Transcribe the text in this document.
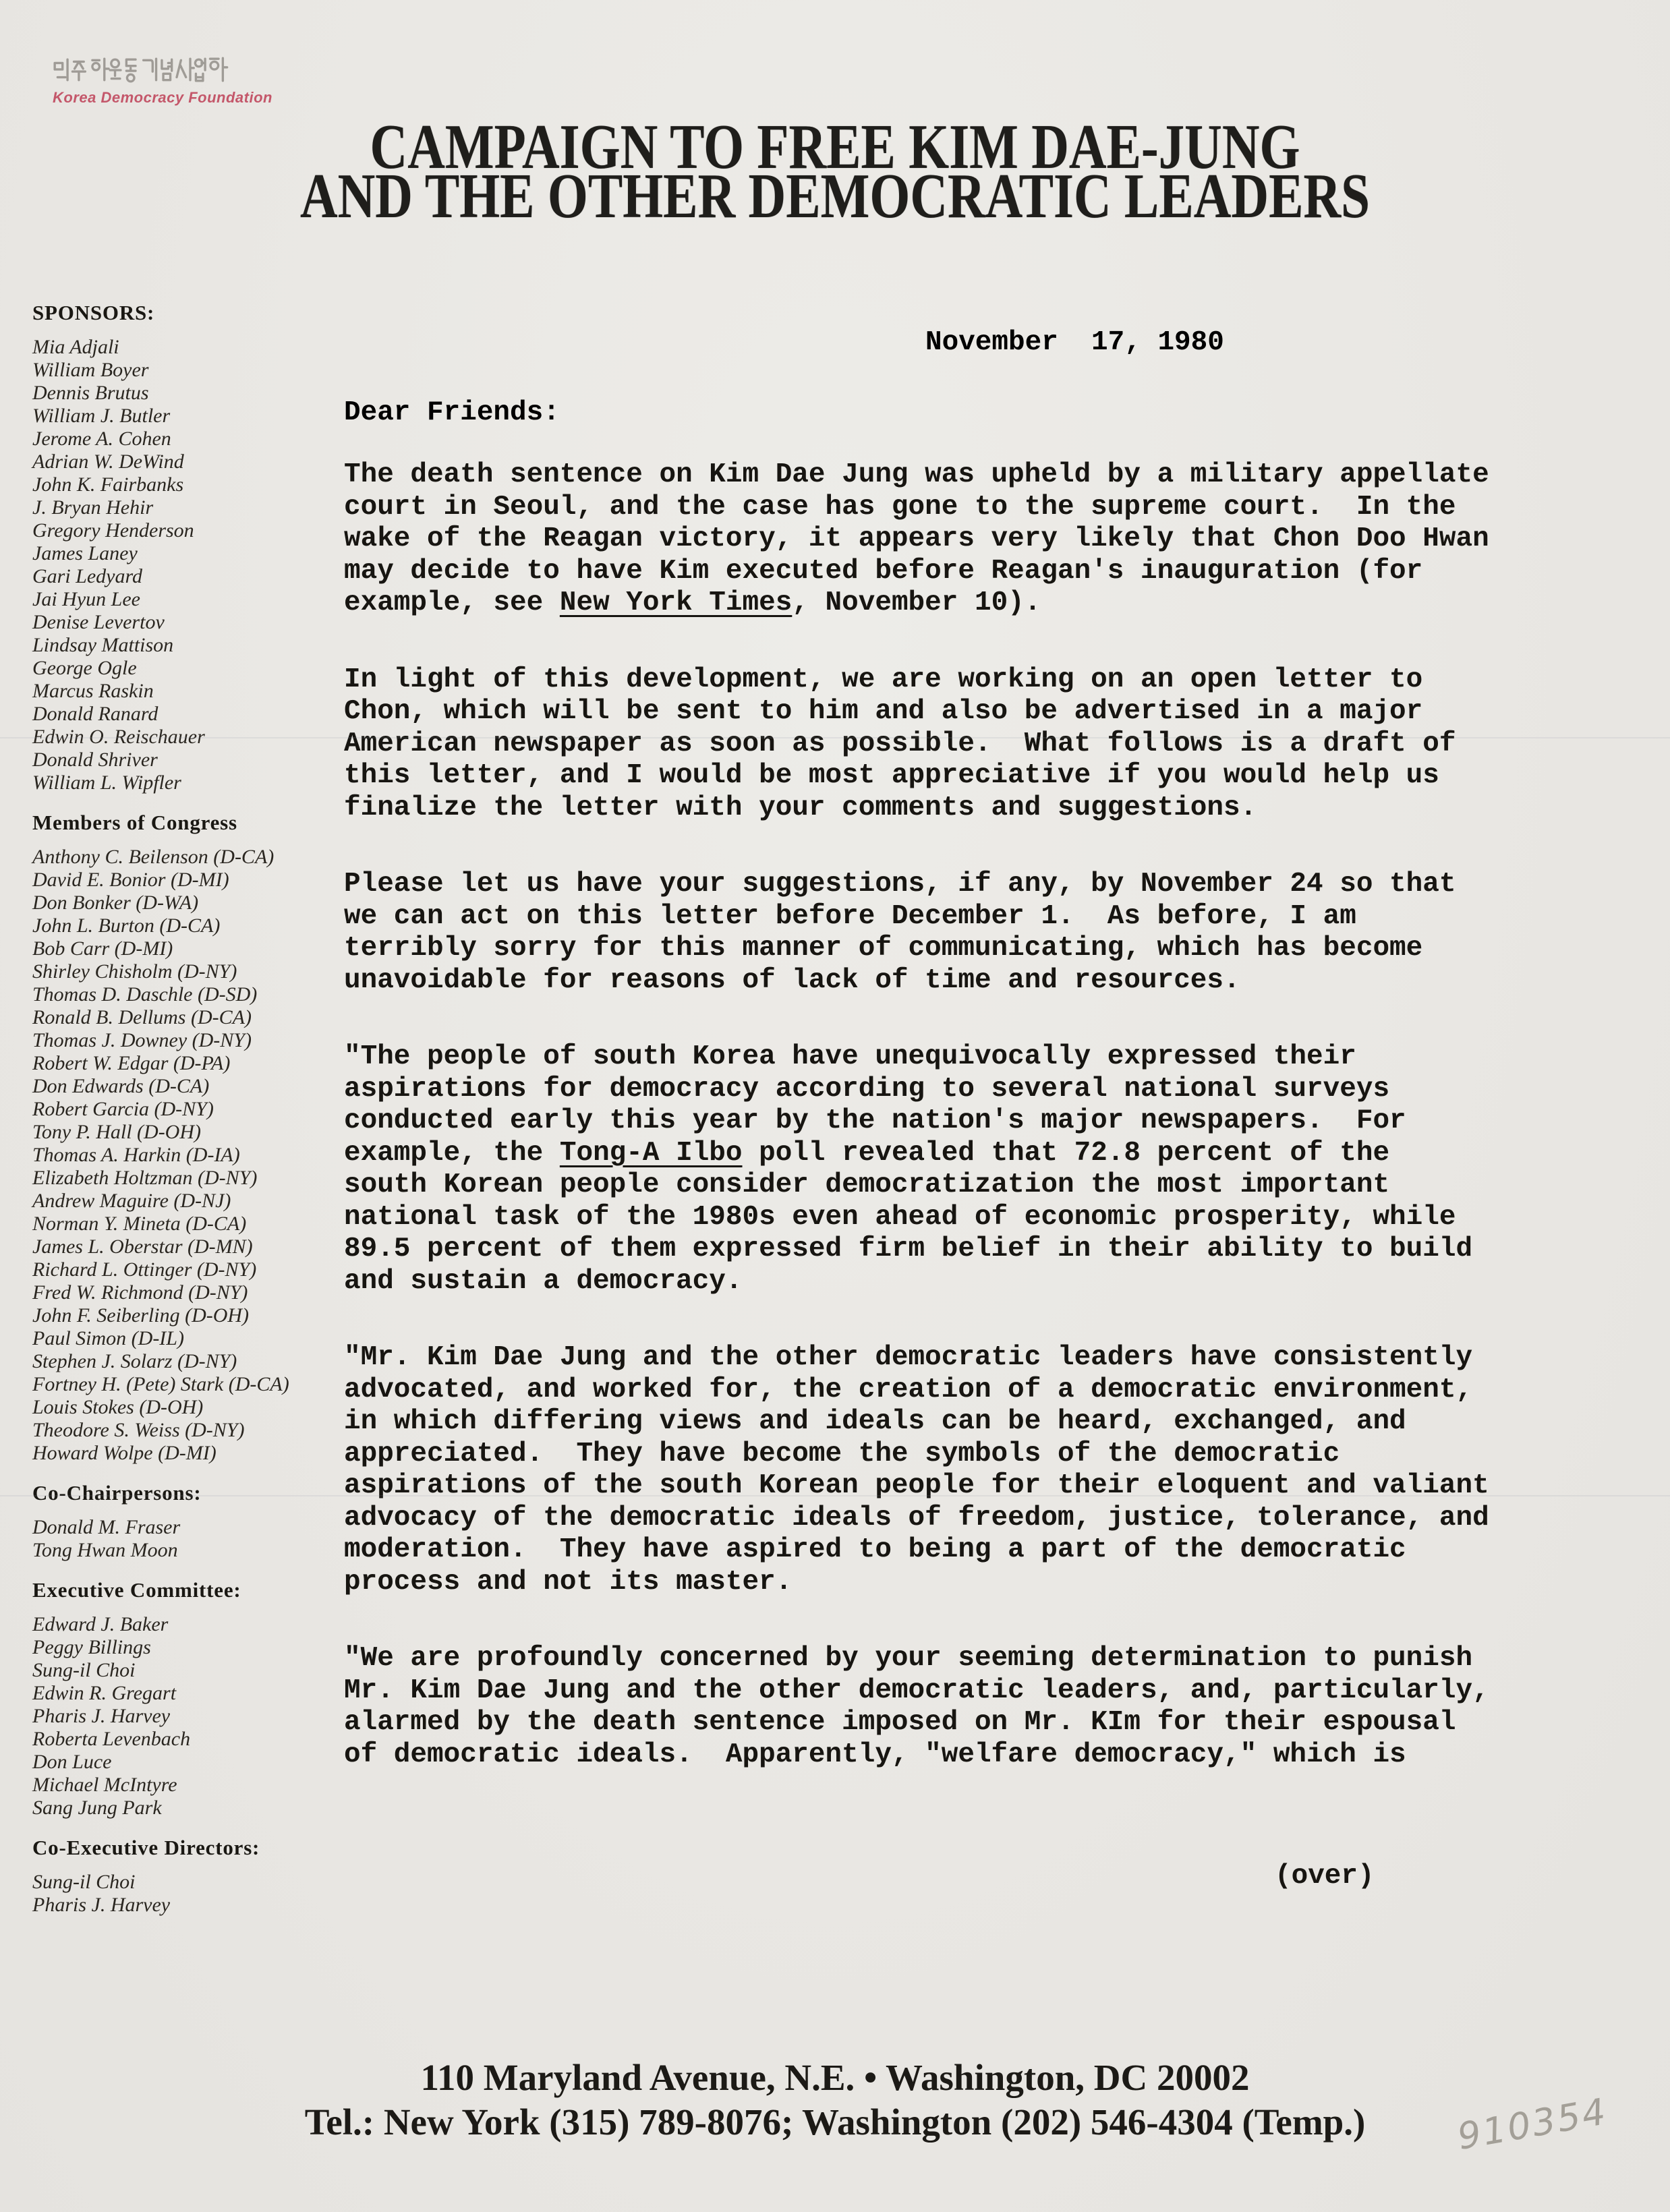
Korea Democracy Foundation
CAMPAIGN TO FREE KIM DAE-JUNG
AND THE OTHER DEMOCRATIC LEADERS
SPONSORS:
Mia Adjali
William Boyer
Dennis Brutus
William J. Butler
Jerome A. Cohen
Adrian W. DeWind
John K. Fairbanks
J. Bryan Hehir
Gregory Henderson
James Laney
Gari Ledyard
Jai Hyun Lee
Denise Levertov
Lindsay Mattison
George Ogle
Marcus Raskin
Donald Ranard
Edwin O. Reischauer
Donald Shriver
William L. Wipfler
Members of Congress
Anthony C. Beilenson (D-CA)
David E. Bonior (D-MI)
Don Bonker (D-WA)
John L. Burton (D-CA)
Bob Carr (D-MI)
Shirley Chisholm (D-NY)
Thomas D. Daschle (D-SD)
Ronald B. Dellums (D-CA)
Thomas J. Downey (D-NY)
Robert W. Edgar (D-PA)
Don Edwards (D-CA)
Robert Garcia (D-NY)
Tony P. Hall (D-OH)
Thomas A. Harkin (D-IA)
Elizabeth Holtzman (D-NY)
Andrew Maguire (D-NJ)
Norman Y. Mineta (D-CA)
James L. Oberstar (D-MN)
Richard L. Ottinger (D-NY)
Fred W. Richmond (D-NY)
John F. Seiberling (D-OH)
Paul Simon (D-IL)
Stephen J. Solarz (D-NY)
Fortney H. (Pete) Stark (D-CA)
Louis Stokes (D-OH)
Theodore S. Weiss (D-NY)
Howard Wolpe (D-MI)
Co-Chairpersons:
Donald M. Fraser
Tong Hwan Moon
Executive Committee:
Edward J. Baker
Peggy Billings
Sung-il Choi
Edwin R. Gregart
Pharis J. Harvey
Roberta Levenbach
Don Luce
Michael McIntyre
Sang Jung Park
Co-Executive Directors:
Sung-il Choi
Pharis J. Harvey
November  17, 1980
Dear Friends:
The death sentence on Kim Dae Jung was upheld by a military appellate
court in Seoul, and the case has gone to the supreme court.  In the
wake of the Reagan victory, it appears very likely that Chon Doo Hwan
may decide to have Kim executed before Reagan's inauguration (for
example, see New York Times, November 10).
In light of this development, we are working on an open letter to
Chon, which will be sent to him and also be advertised in a major
American newspaper as soon as possible.  What follows is a draft of
this letter, and I would be most appreciative if you would help us
finalize the letter with your comments and suggestions.
Please let us have your suggestions, if any, by November 24 so that
we can act on this letter before December 1.  As before, I am
terribly sorry for this manner of communicating, which has become
unavoidable for reasons of lack of time and resources.
"The people of south Korea have unequivocally expressed their
aspirations for democracy according to several national surveys
conducted early this year by the nation's major newspapers.  For
example, the Tong-A Ilbo poll revealed that 72.8 percent of the
south Korean people consider democratization the most important
national task of the 1980s even ahead of economic prosperity, while
89.5 percent of them expressed firm belief in their ability to build
and sustain a democracy.
"Mr. Kim Dae Jung and the other democratic leaders have consistently
advocated, and worked for, the creation of a democratic environment,
in which differing views and ideals can be heard, exchanged, and
appreciated.  They have become the symbols of the democratic
aspirations of the south Korean people for their eloquent and valiant
advocacy of the democratic ideals of freedom, justice, tolerance, and
moderation.  They have aspired to being a part of the democratic
process and not its master.
"We are profoundly concerned by your seeming determination to punish
Mr. Kim Dae Jung and the other democratic leaders, and, particularly,
alarmed by the death sentence imposed on Mr. KIm for their espousal
of democratic ideals.  Apparently, "welfare democracy," which is
(over)
110 Maryland Avenue, N.E. • Washington, DC 20002
Tel.: New York (315) 789-8076; Washington (202) 546-4304 (Temp.)	910354
